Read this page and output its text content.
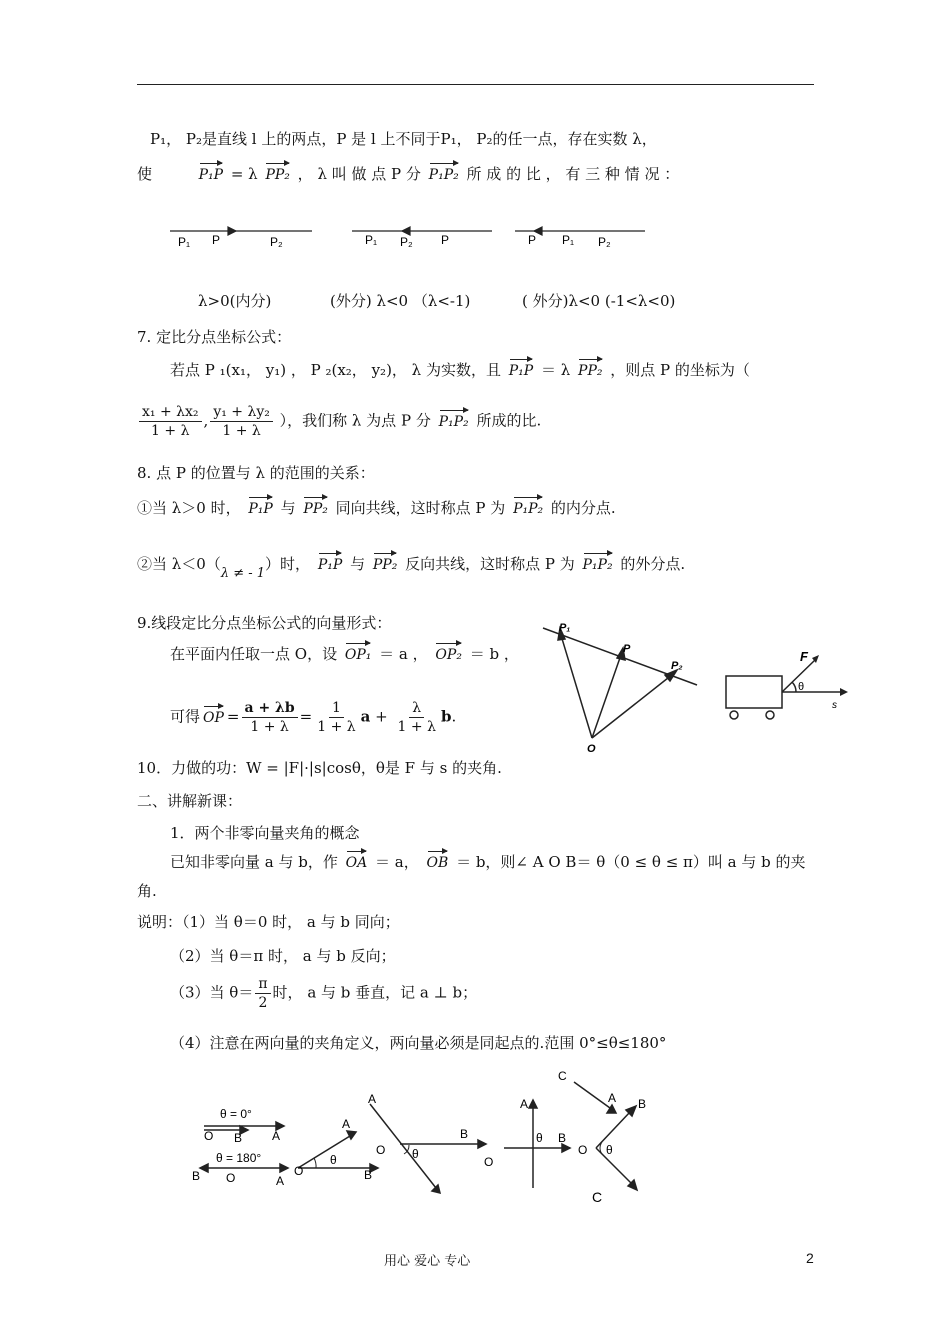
P₁， P₂是直线 l 上的两点，P 是 l 上不同于P₁， P₂的任一点，存在实数 λ，
使	P₁P = λ PP₂ ， λ 叫 做 点 P 分 P₁P₂ 所 成 的 比 ， 有 三 种 情 况 ：
P₁ P	P₂	P₁ P₂ P	P P₁ P₂
λ>0(内分)	(外分) λ<0 （λ<-1)	( 外分)λ<0 (-1<λ<0)
7. 定比分点坐标公式：
若点 P ₁(x₁， y₁) ， P ₂(x₂， y₂)， λ 为实数，且 P₁P ＝ λ PP₂ ，则点 P 的坐标为（
$\frac{\text{x₁ + λx₂}}{1 + \lambda}$ , $\frac{\text{y₁ + λy₂}}{1 + \lambda}$ ），我们称 λ 为点 P 分 P₁P₂ 所成的比.
8. 点 P 的位置与 λ 的范围的关系：
①当 λ＞0 时， P₁P 与 PP₂ 同向共线，这时称点 P 为 P₁P₂ 的内分点.
②当 λ＜0（λ ≠ - 1）时， P₁P 与 PP₂ 反向共线，这时称点 P 为 P₁P₂ 的外分点.
9.线段定比分点坐标公式的向量形式：
在平面内任取一点 O，设 OP₁ ＝ a ， OP₂ ＝ b ，
可得 OP = $\frac{a + \lambda b}{1 + \lambda} = \frac{1}{1 + \lambda}$ $a + \frac{\lambda}{1 + \lambda} b$.
P₁
P
P₂
O
F
θ
s
10．力做的功：W = |F|·|s|cosθ，θ是 F 与 s 的夹角.
二、讲解新课：
1．两个非零向量夹角的概念
已知非零向量 a 与 b，作 OA ＝ a， OB ＝ b，则∠ A O B＝ θ（0 ≤ θ ≤ π）叫 a 与 b 的夹
角.
说明：（1）当 θ＝0 时， a 与 b 同向；
（2）当 θ＝π 时， a 与 b 反向；
（3）当 $\theta= \frac{\pi}{2}$ 时， a 与 b 垂直，记 a ⊥ b；
（4）注意在两向量的夹角定义，两向量必须是同起点的.范围 0°≤θ≤180°
θ = 0°
O B A
θ = 180°
B O	A
O
A
θ
B
A
O θ
B
A
O
θ B
C
A
O
B
θ
C
用心 爱心 专心	2
